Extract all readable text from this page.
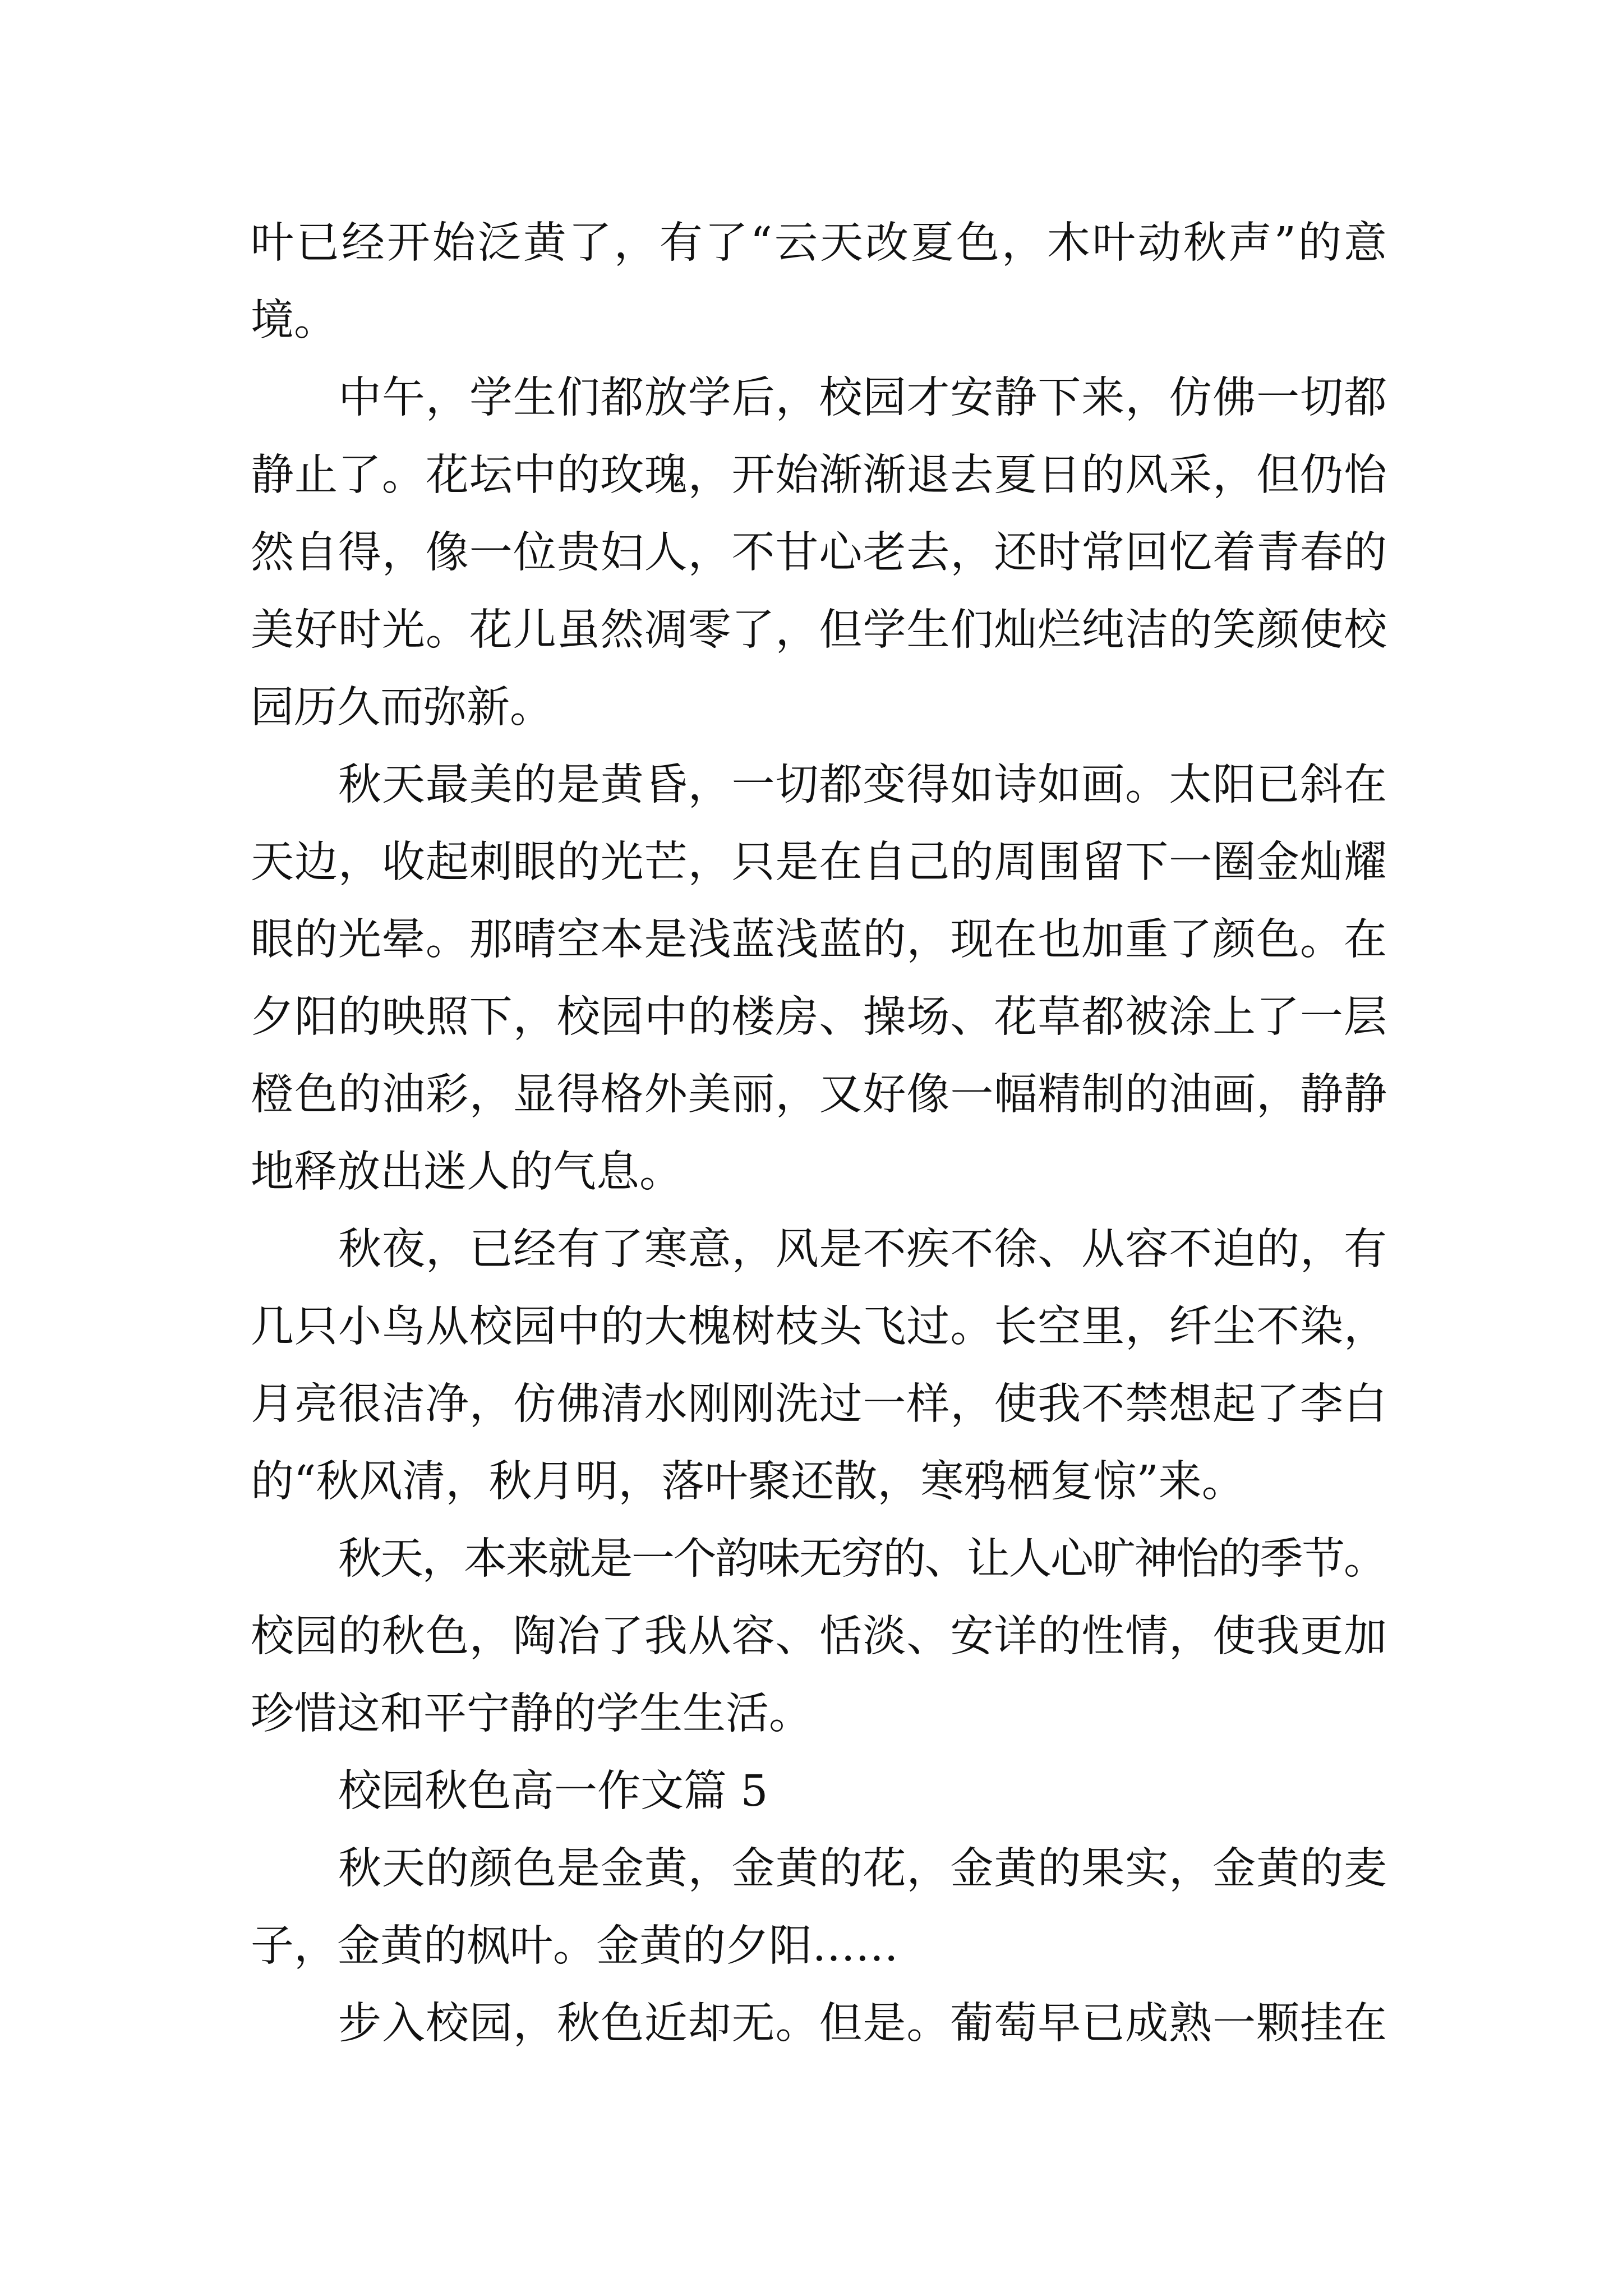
叶已经开始泛黄了，有了“云天改夏色，木叶动秋声”的意
境。
中午，学生们都放学后，校园才安静下来，仿佛一切都
静止了。花坛中的玫瑰，开始渐渐退去夏日的风采，但仍怡
然自得，像一位贵妇人，不甘心老去，还时常回忆着青春的
美好时光。花儿虽然凋零了，但学生们灿烂纯洁的笑颜使校
园历久而弥新。
秋天最美的是黄昏，一切都变得如诗如画。太阳已斜在
天边，收起刺眼的光芒，只是在自己的周围留下一圈金灿耀
眼的光晕。那晴空本是浅蓝浅蓝的，现在也加重了颜色。在
夕阳的映照下，校园中的楼房、操场、花草都被涂上了一层
橙色的油彩，显得格外美丽，又好像一幅精制的油画，静静
地释放出迷人的气息。
秋夜，已经有了寒意，风是不疾不徐、从容不迫的，有
几只小鸟从校园中的大槐树枝头飞过。长空里，纤尘不染，
月亮很洁净，仿佛清水刚刚洗过一样，使我不禁想起了李白
的“秋风清，秋月明，落叶聚还散，寒鸦栖复惊”来。
秋天，本来就是一个韵味无穷的、让人心旷神怡的季节。
校园的秋色，陶冶了我从容、恬淡、安详的性情，使我更加
珍惜这和平宁静的学生生活。
校园秋色高一作文篇 5
秋天的颜色是金黄，金黄的花，金黄的果实，金黄的麦
子，金黄的枫叶。金黄的夕阳……
步入校园，秋色近却无。但是。葡萄早已成熟一颗挂在
